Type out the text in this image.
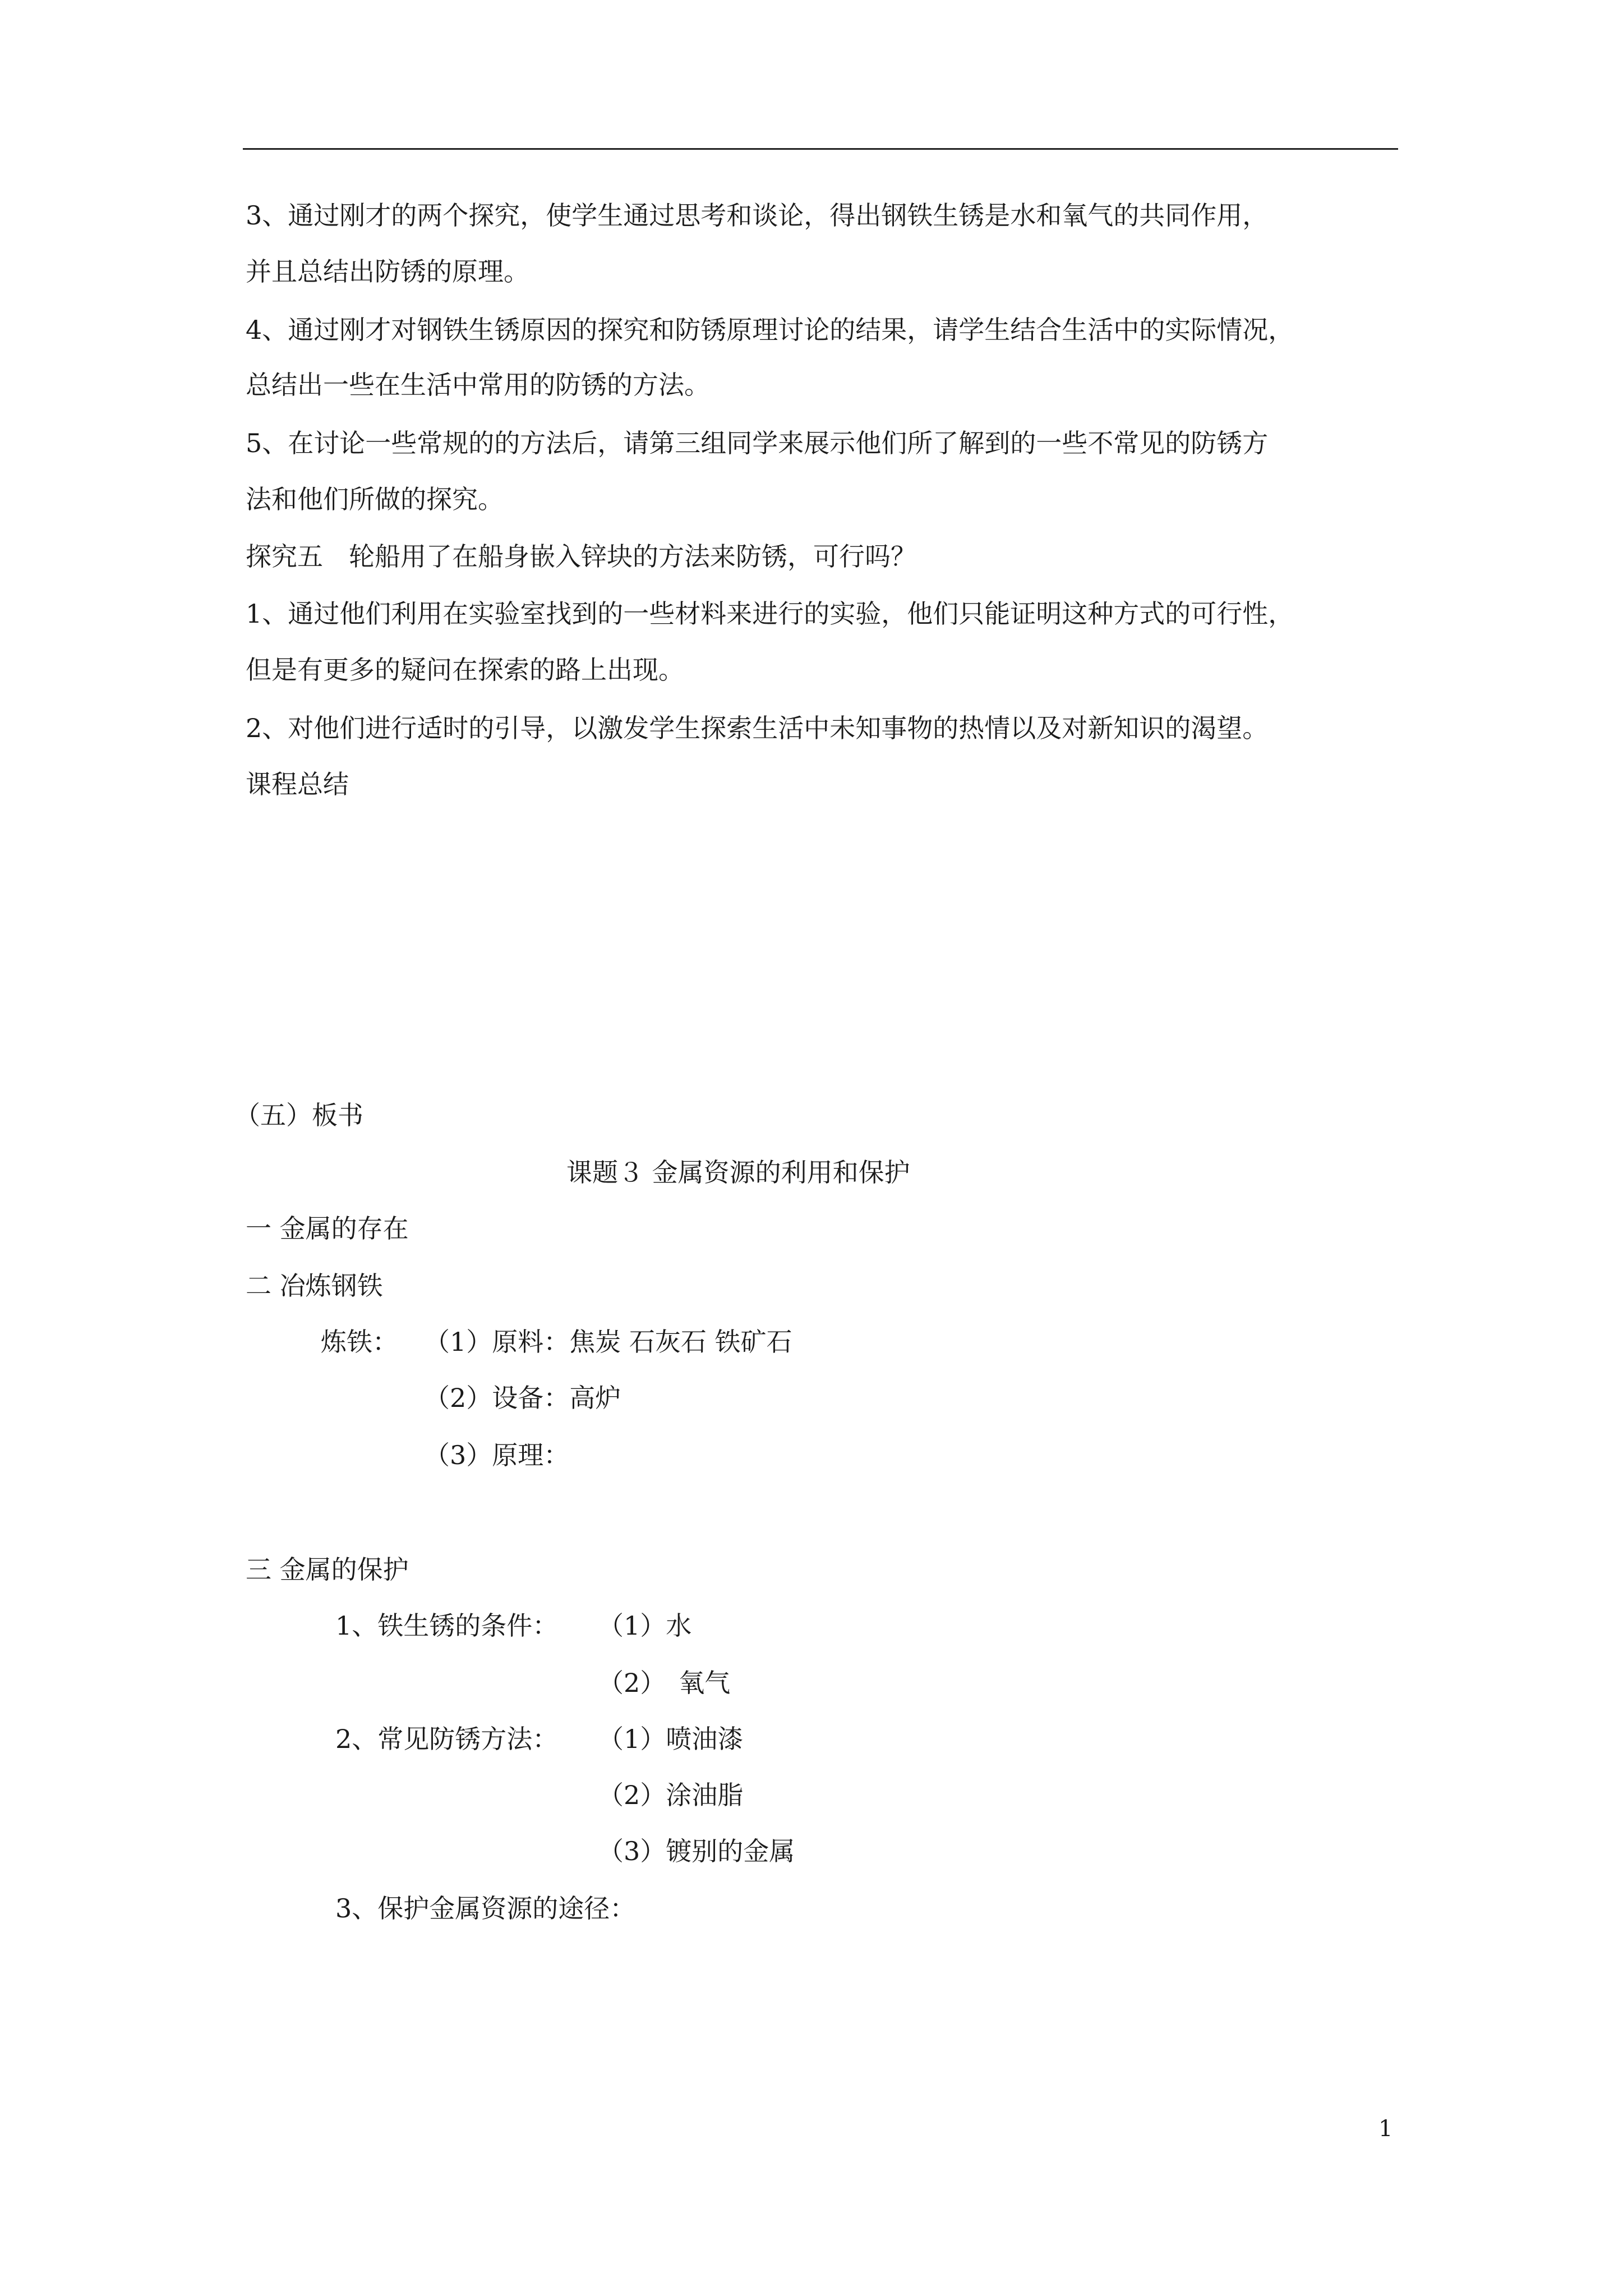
3、通过刚才的两个探究，使学生通过思考和谈论，得出钢铁生锈是水和氧气的共同作用，
并且总结出防锈的原理。
4、通过刚才对钢铁生锈原因的探究和防锈原理讨论的结果，请学生结合生活中的实际情况，
总结出一些在生活中常用的防锈的方法。
5、在讨论一些常规的的方法后，请第三组同学来展示他们所了解到的一些不常见的防锈方
法和他们所做的探究。
探究五　轮船用了在船身嵌入锌块的方法来防锈，可行吗？
1、通过他们利用在实验室找到的一些材料来进行的实验，他们只能证明这种方式的可行性，
但是有更多的疑问在探索的路上出现。
2、对他们进行适时的引导，以激发学生探索生活中未知事物的热情以及对新知识的渴望。
课程总结
（五）板书
课题３ 金属资源的利用和保护
一 金属的存在
二 冶炼钢铁
炼铁： （1）原料：焦炭 石灰石 铁矿石
（2）设备：高炉
（3）原理：
三 金属的保护
1、铁生锈的条件： （1）水
（2）　氧气
2、常见防锈方法： （1）喷油漆
（2）涂油脂
（3）镀别的金属
3、保护金属资源的途径：
1
